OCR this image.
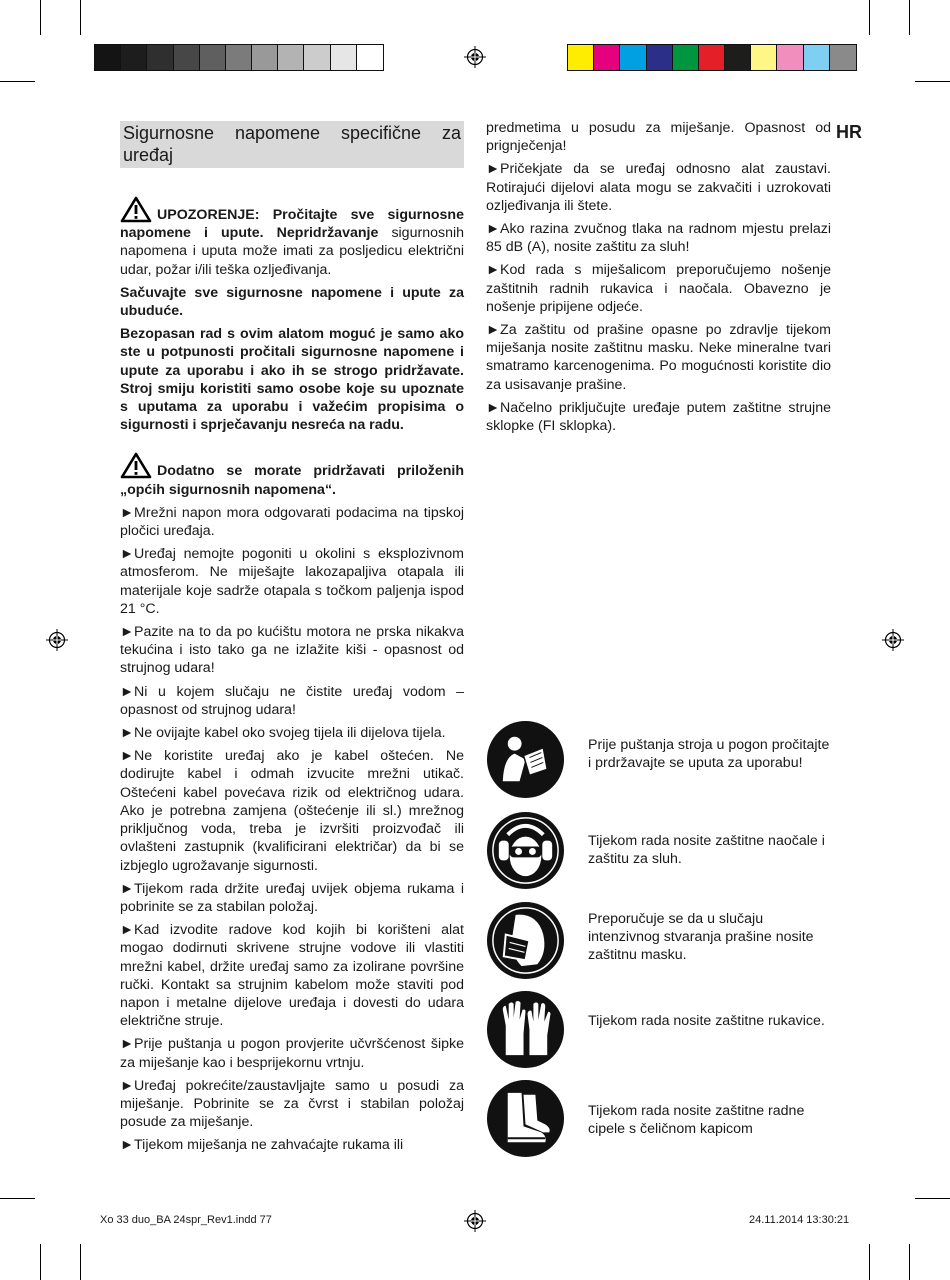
HR
Sigurnosne napomene specifične za uređaj

UPOZORENJE: Pročitajte sve sigurnosne napomene i upute. Nepridržavanje sigurnosnih napomena i uputa može imati za posljedicu električni udar, požar i/ili teška ozljeđivanja.

Sačuvajte sve sigurnosne napomene i upute za ubuduće.

Bezopasan rad s ovim alatom moguć je samo ako ste u potpunosti pročitali sigurnosne napomene i upute za uporabu i ako ih se strogo pridržavate. Stroj smiju koristiti samo osobe koje su upoznate s uputama za uporabu i važećim propisima o sigurnosti i sprječavanju nesreća na radu.

Dodatno se morate pridržavati priloženih „općih sigurnosnih napomena“.

►Mrežni napon mora odgovarati podacima na tipskoj pločici uređaja.

►Uređaj nemojte pogoniti u okolini s eksplozivnom atmosferom. Ne miješajte lakozapaljiva otapala ili materijale koje sadrže otapala s točkom paljenja ispod 21 °C.

►Pazite na to da po kućištu motora ne prska nikakva tekućina i isto tako ga ne izlažite kiši - opasnost od strujnog udara!

►Ni u kojem slučaju ne čistite uređaj vodom – opasnost od strujnog udara!

►Ne ovijajte kabel oko svojeg tijela ili dijelova tijela.

►Ne koristite uređaj ako je kabel oštećen. Ne dodirujte kabel i odmah izvucite mrežni utikač. Oštećeni kabel povećava rizik od električnog udara. Ako je potrebna zamjena (oštećenje ili sl.) mrežnog priključnog voda, treba je izvršiti proizvođač ili ovlašteni zastupnik (kvalificirani električar) da bi se izbjeglo ugrožavanje sigurnosti.

►Tijekom rada držite uređaj uvijek objema rukama i pobrinite se za stabilan položaj.

►Kad izvodite radove kod kojih bi korišteni alat mogao dodirnuti skrivene strujne vodove ili vlastiti mrežni kabel, držite uređaj samo za izolirane površine ručki. Kontakt sa strujnim kabelom može staviti pod napon i metalne dijelove uređaja i dovesti do udara električne struje.

►Prije puštanja u pogon provjerite učvršćenost šipke za miješanje kao i besprijekornu vrtnju.

►Uređaj pokrećite/zaustavljajte samo u posudi za miješanje. Pobrinite se za čvrst i stabilan položaj posude za miješanje.

►Tijekom miješanja ne zahvaćajte rukama ili

predmetima u posudu za miješanje. Opasnost od prignječenja!

►Pričekjate da se uređaj odnosno alat zaustavi. Rotirajući dijelovi alata mogu se zakvačiti i uzrokovati ozljeđivanja ili štete.

►Ako razina zvučnog tlaka na radnom mjestu prelazi 85 dB (A), nosite zaštitu za sluh!

►Kod rada s miješalicom preporučujemo nošenje zaštitnih radnih rukavica i naočala. Obavezno je nošenje pripijene odjeće.

►Za zaštitu od prašine opasne po zdravlje tijekom miješanja nosite zaštitnu masku. Neke mineralne tvari smatramo karcenogenima. Po mogućnosti koristite dio za usisavanje prašine.

►Načelno priključujte uređaje putem zaštitne strujne sklopke (FI sklopka).

Prije puštanja stroja u pogon pročitajte i prdržavajte se uputa za uporabu!
Tijekom rada nosite zaštitne naočale i zaštitu za sluh.
Preporučuje se da u slučaju intenzivnog stvaranja prašine nosite zaštitnu masku.
Tijekom rada nosite zaštitne rukavice.
Tijekom rada nosite zaštitne radne cipele s čeličnom kapicom
Xo 33 duo_BA 24spr_Rev1.indd 77	24.11.2014 13:30:21
